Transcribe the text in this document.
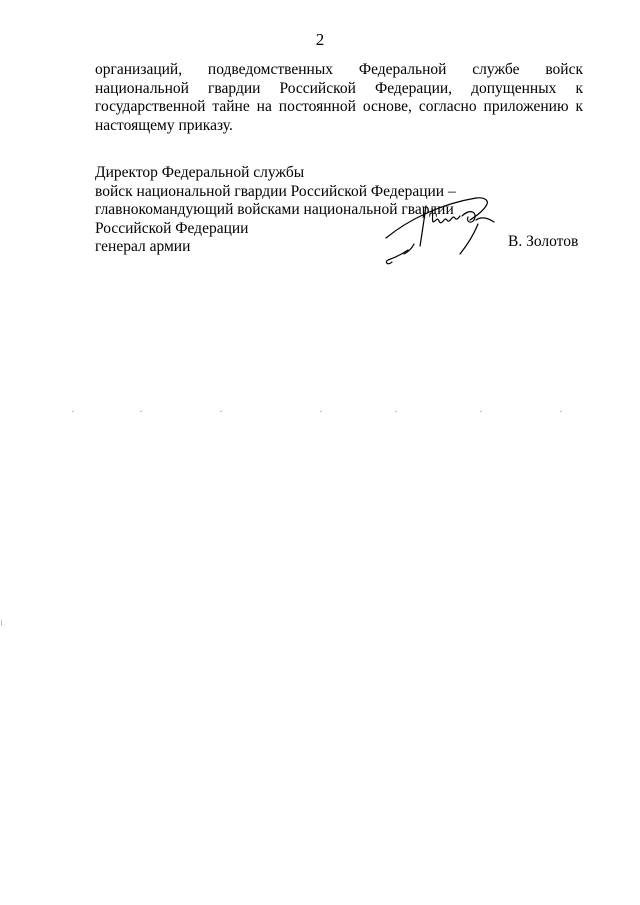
2

организаций, подведомственных Федеральной службе войск национальной гвардии Российской Федерации, допущенных к государственной тайне на постоянной основе, согласно приложению к настоящему приказу.

Директор Федеральной службы
войск национальной гвардии Российской Федерации –
главнокомандующий войсками национальной гвардии
Российской Федерации
генерал армии	В. Золотов
